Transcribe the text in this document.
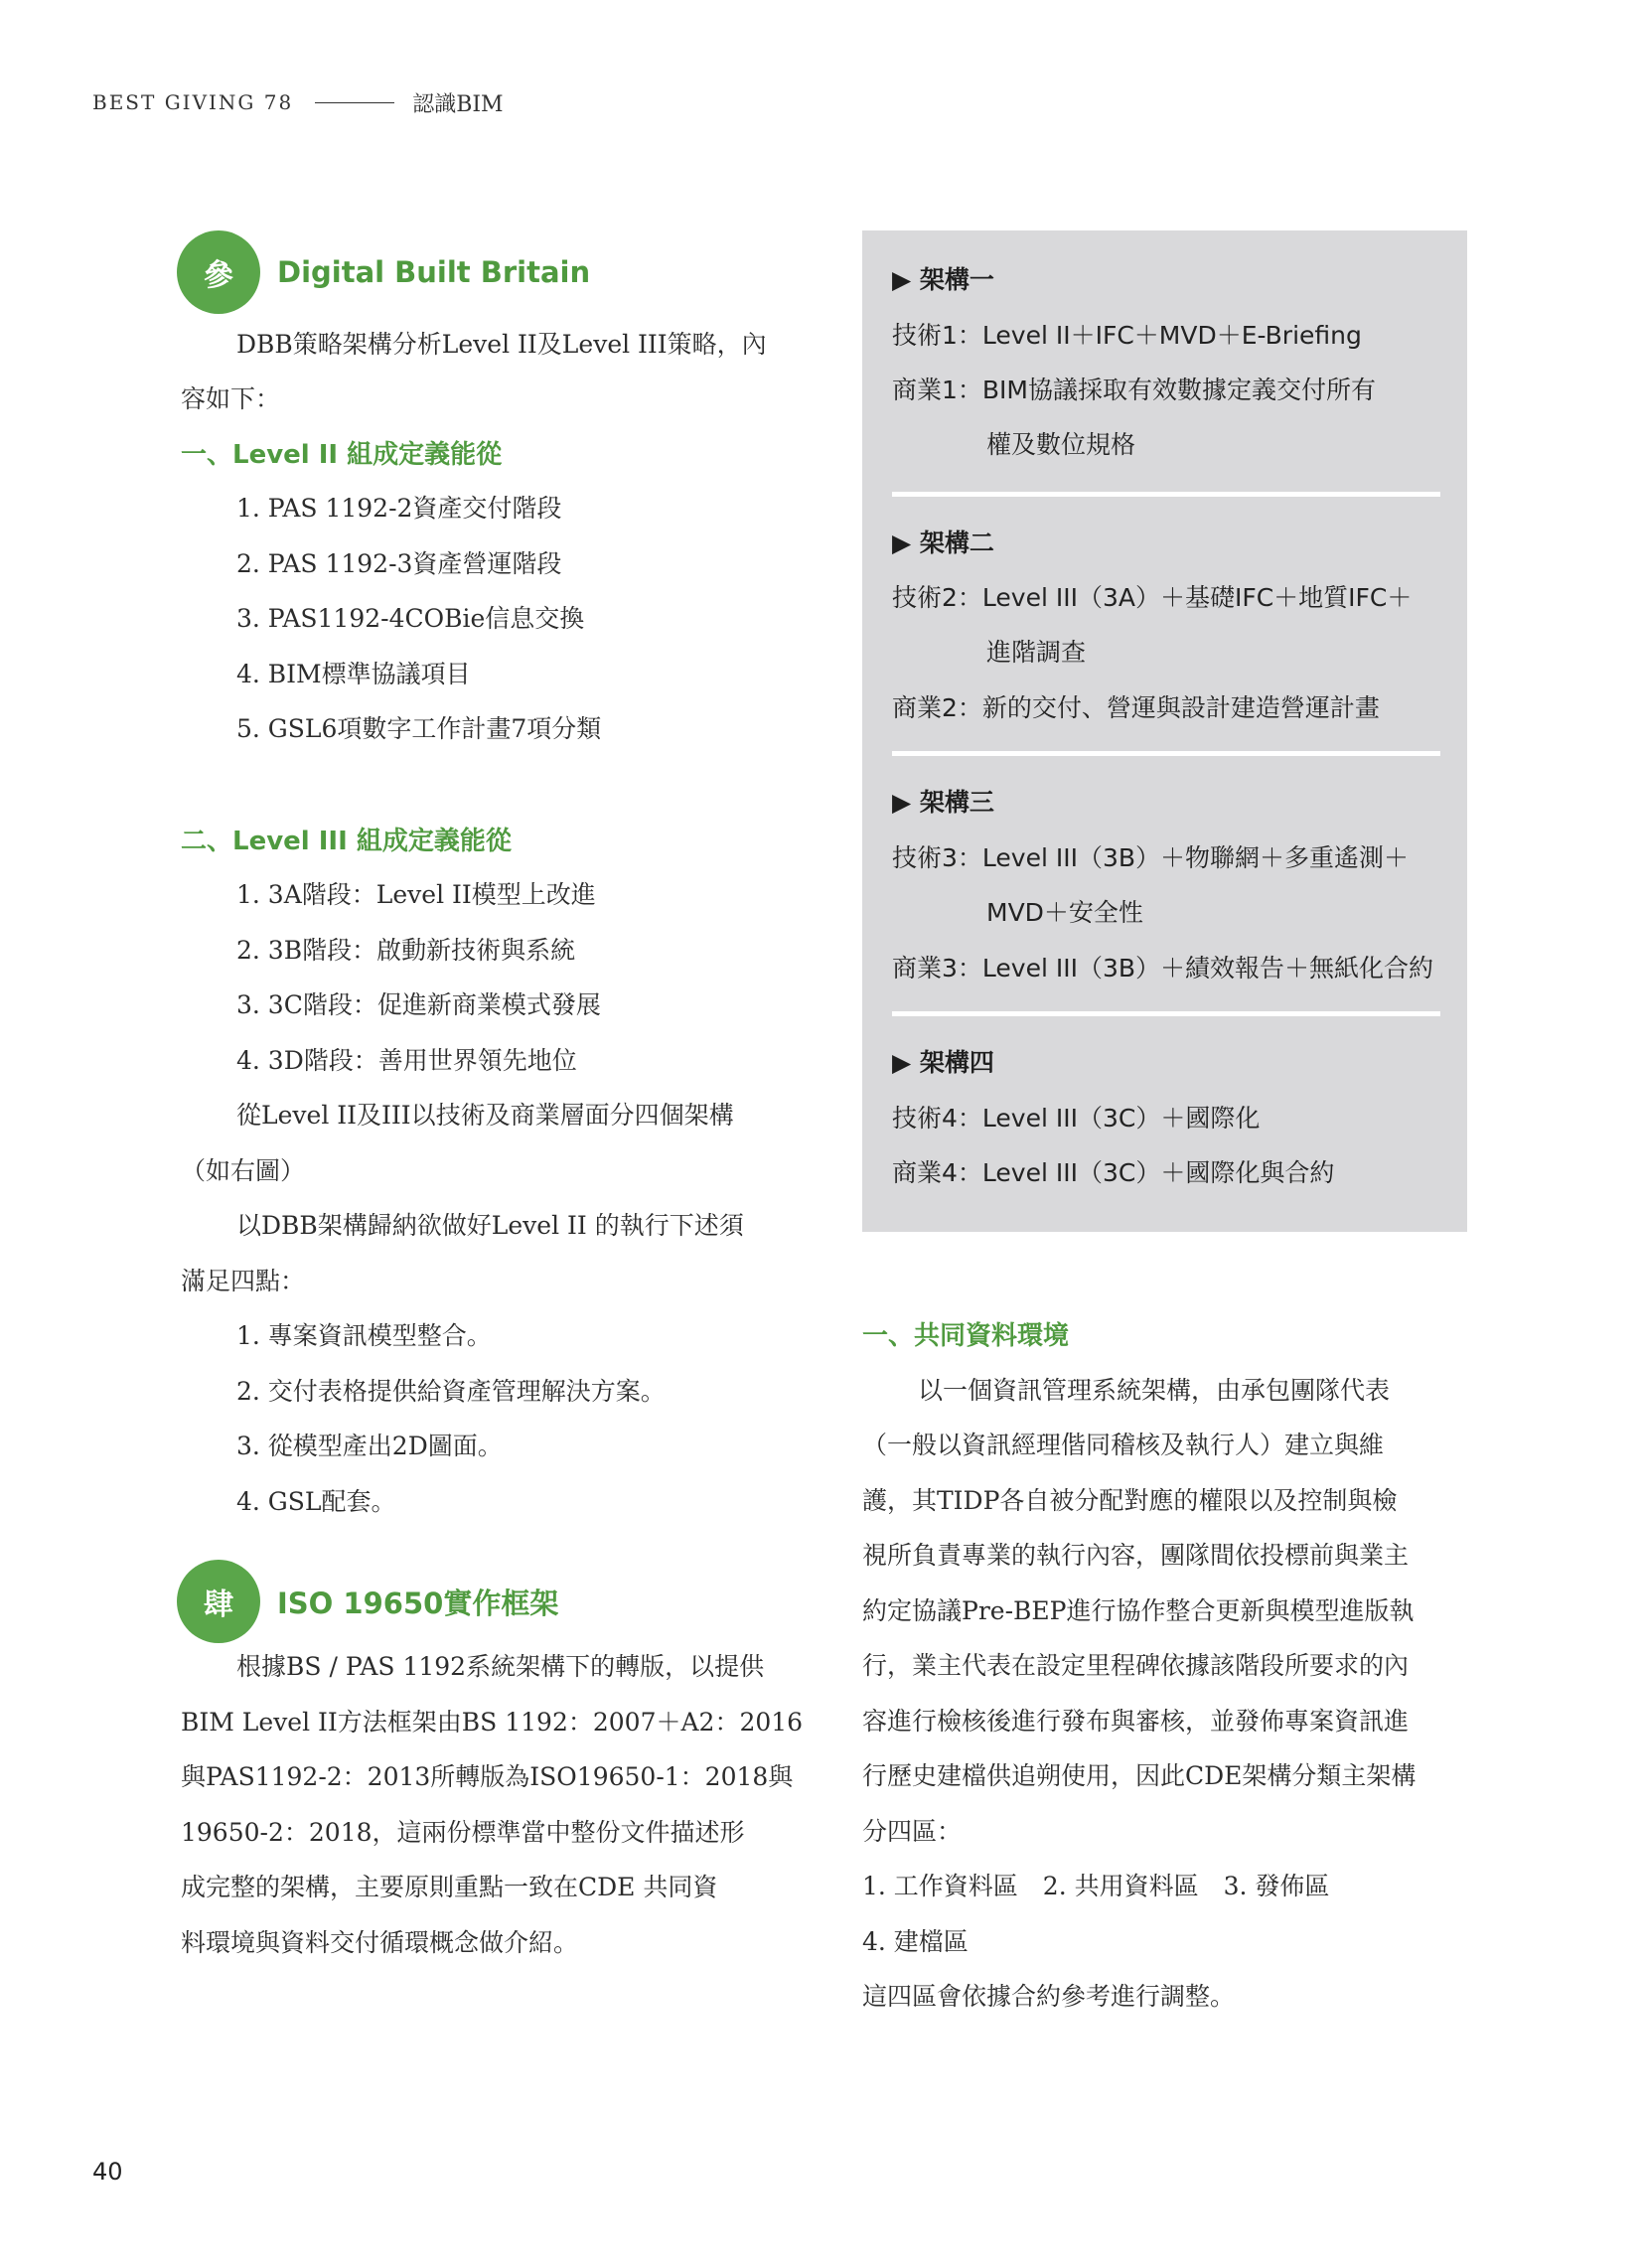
BEST GIVING 78	認識BIM
參	Digital Built Britain
DBB策略架構分析Level II及Level III策略，內
容如下：
一、Level II 組成定義能從
1. PAS 1192-2資產交付階段
2. PAS 1192-3資產營運階段
3. PAS1192-4COBie信息交換
4. BIM標準協議項目
5. GSL6項數字工作計畫7項分類
二、Level III 組成定義能從
1. 3A階段：Level II模型上改進
2. 3B階段：啟動新技術與系統
3. 3C階段：促進新商業模式發展
4. 3D階段：善用世界領先地位
從Level II及III以技術及商業層面分四個架構
（如右圖）
以DBB架構歸納欲做好Level II 的執行下述須
滿足四點：
1. 專案資訊模型整合。
2. 交付表格提供給資產管理解決方案。
3. 從模型產出2D圖面。
4. GSL配套。
肆	ISO 19650實作框架
根據BS / PAS 1192系統架構下的轉版，以提供
BIM Level II方法框架由BS 1192：2007＋A2：2016
與PAS1192-2：2013所轉版為ISO19650-1：2018與
19650-2：2018，這兩份標準當中整份文件描述形
成完整的架構，主要原則重點一致在CDE 共同資
料環境與資料交付循環概念做介紹。
▶ 架構一
技術1：Level II＋IFC＋MVD＋E-Briefing
商業1：BIM協議採取有效數據定義交付所有
權及數位規格
▶ 架構二
技術2：Level III（3A）＋基礎IFC＋地質IFC＋
進階調查
商業2：新的交付、營運與設計建造營運計畫
▶ 架構三
技術3：Level III（3B）＋物聯網＋多重遙測＋
MVD＋安全性
商業3：Level III（3B）＋績效報告＋無紙化合約
▶ 架構四
技術4：Level III（3C）＋國際化
商業4：Level III（3C）＋國際化與合約
一、共同資料環境
以一個資訊管理系統架構，由承包團隊代表
（一般以資訊經理偕同稽核及執行人）建立與維
護，其TIDP各自被分配對應的權限以及控制與檢
視所負責專業的執行內容，團隊間依投標前與業主
約定協議Pre-BEP進行協作整合更新與模型進版執
行，業主代表在設定里程碑依據該階段所要求的內
容進行檢核後進行發布與審核，並發佈專案資訊進
行歷史建檔供追朔使用，因此CDE架構分類主架構
分四區：
1. 工作資料區　2. 共用資料區　3. 發佈區
4. 建檔區
這四區會依據合約參考進行調整。
40
